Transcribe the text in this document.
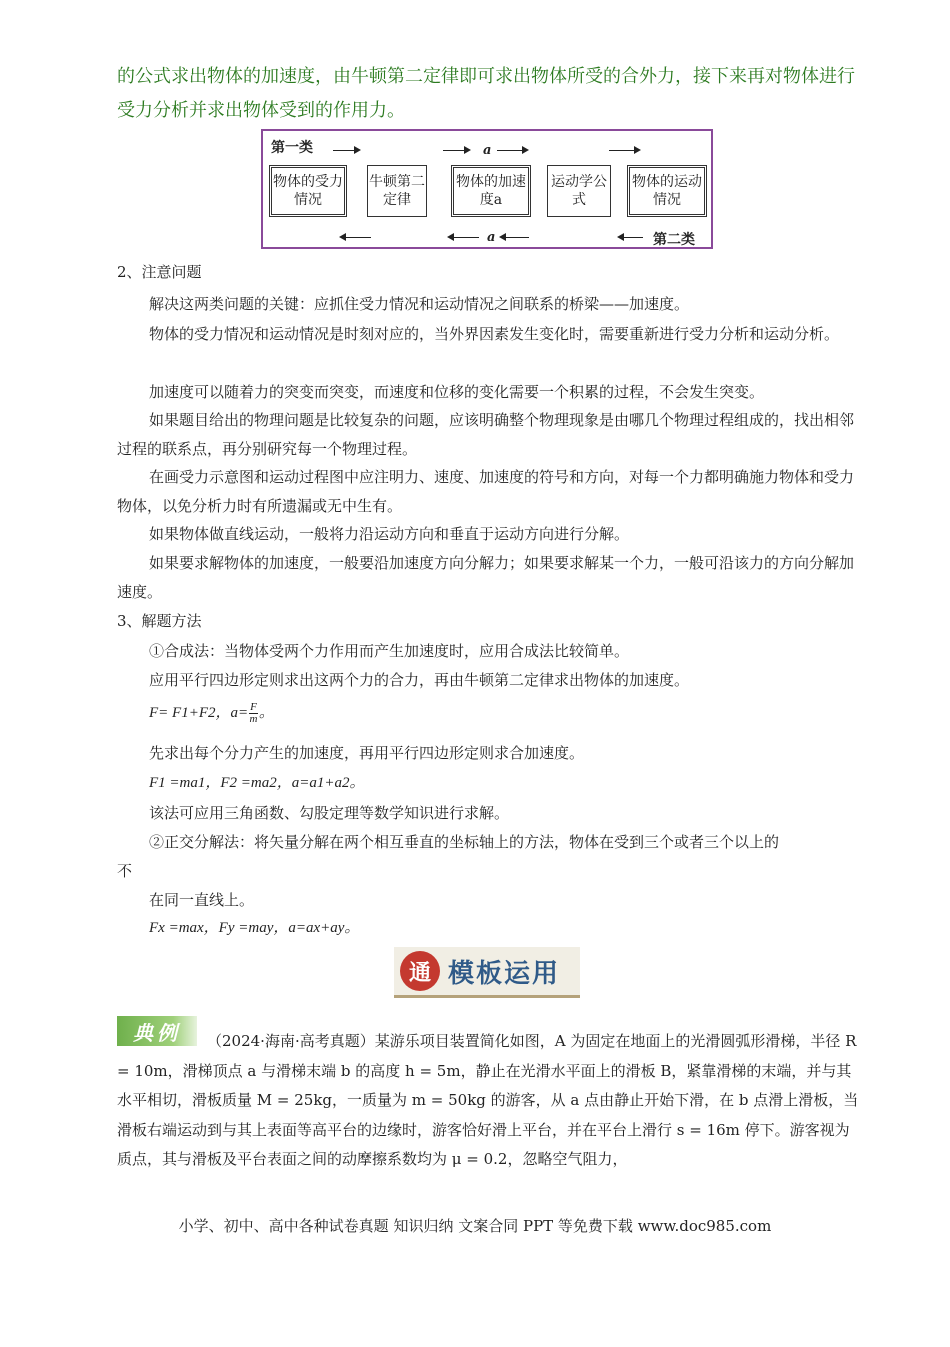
的公式求出物体的加速度，由牛顿第二定律即可求出物体所受的合外力，接下来再对物体进行受力分析并求出物体受到的作用力。

第一类	a
物体的受力情况
牛顿第二定律
物体的加速度a
运动学公式
物体的运动情况
a	第二类

2、注意问题

解决这两类问题的关键：应抓住受力情况和运动情况之间联系的桥梁——加速度。

物体的受力情况和运动情况是时刻对应的，当外界因素发生变化时，需要重新进行受力分析和运动分析。

加速度可以随着力的突变而突变，而速度和位移的变化需要一个积累的过程，不会发生突变。

如果题目给出的物理问题是比较复杂的问题，应该明确整个物理现象是由哪几个物理过程组成的，找出相邻过程的联系点，再分别研究每一个物理过程。

在画受力示意图和运动过程图中应注明力、速度、加速度的符号和方向，对每一个力都明确施力物体和受力物体，以免分析力时有所遗漏或无中生有。

如果物体做直线运动，一般将力沿运动方向和垂直于运动方向进行分解。

如果要求解物体的加速度，一般要沿加速度方向分解力；如果要求解某一个力，一般可沿该力的方向分解加速度。

3、解题方法

①合成法：当物体受两个力作用而产生加速度时，应用合成法比较简单。

应用平行四边形定则求出这两个力的合力，再由牛顿第二定律求出物体的加速度。

F= F1+F2，$a= \frac{F}{m}$ 。

先求出每个分力产生的加速度，再用平行四边形定则求合加速度。

F1 =ma1，F2 =ma2，a=a1+a2。

该法可应用三角函数、勾股定理等数学知识进行求解。

②正交分解法：将矢量分解在两个相互垂直的坐标轴上的方法，物体在受到三个或者三个以上的

不

在同一直线上。

Fx =max，Fy =may，a=ax+ay。

通 模板运用
典例	（2024·海南·高考真题）某游乐项目装置简化如图，A 为固定在地面上的光滑圆弧形滑梯，半径 R = 10m，滑梯顶点 a 与滑梯末端 b 的高度 h = 5m，静止在光滑水平面上的滑板 B，紧靠滑梯的末端，并与其水平相切，滑板质量 M = 25kg，一质量为 m = 50kg 的游客，从 a 点由静止开始下滑，在 b 点滑上滑板，当滑板右端运动到与其上表面等高平台的边缘时，游客恰好滑上平台，并在平台上滑行 s = 16m 停下。游客视为质点，其与滑板及平台表面之间的动摩擦系数均为 μ = 0.2，忽略空气阻力，

小学、初中、高中各种试卷真题 知识归纳 文案合同 PPT 等免费下载 www.doc985.com
